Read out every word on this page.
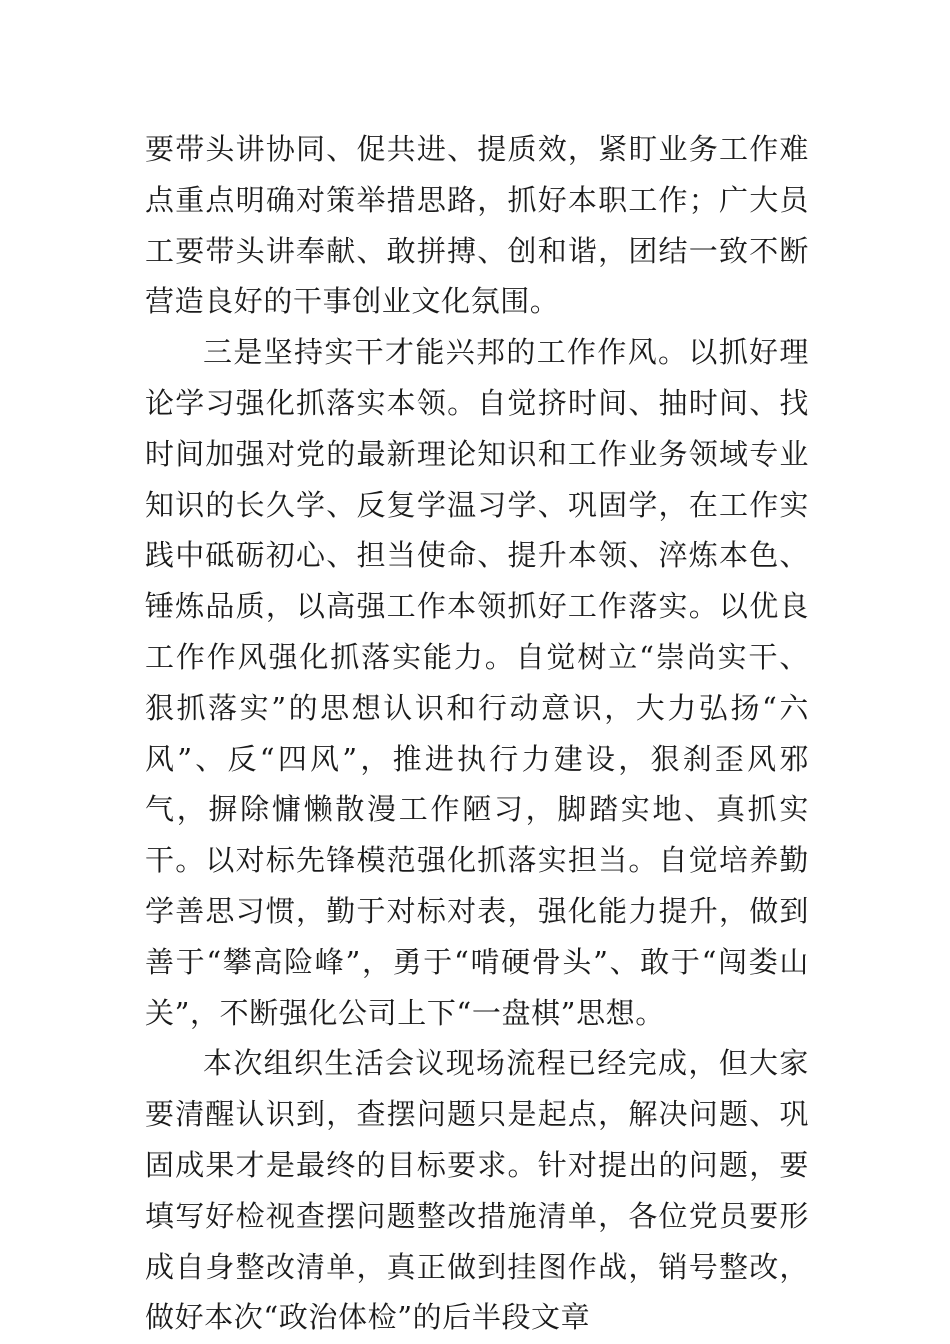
要带头讲协同、促共进、提质效，紧盯业务工作难点重点明确对策举措思路，抓好本职工作；广大员工要带头讲奉献、敢拼搏、创和谐，团结一致不断营造良好的干事创业文化氛围。

三是坚持实干才能兴邦的工作作风。以抓好理论学习强化抓落实本领。自觉挤时间、抽时间、找时间加强对党的最新理论知识和工作业务领域专业知识的长久学、反复学温习学、巩固学，在工作实践中砥砺初心、担当使命、提升本领、淬炼本色、锤炼品质，以高强工作本领抓好工作落实。以优良工作作风强化抓落实能力。自觉树立“崇尚实干、狠抓落实”的思想认识和行动意识，大力弘扬“六风”、反“四风”，推进执行力建设，狠刹歪风邪气，摒除慵懒散漫工作陋习，脚踏实地、真抓实干。以对标先锋模范强化抓落实担当。自觉培养勤学善思习惯，勤于对标对表，强化能力提升，做到善于“攀高险峰”，勇于“啃硬骨头”、敢于“闯娄山关”，不断强化公司上下“一盘棋”思想。

本次组织生活会议现场流程已经完成，但大家要清醒认识到，查摆问题只是起点，解决问题、巩固成果才是最终的目标要求。针对提出的问题，要填写好检视查摆问题整改措施清单，各位党员要形成自身整改清单，真正做到挂图作战，销号整改，做好本次“政治体检”的后半段文章
